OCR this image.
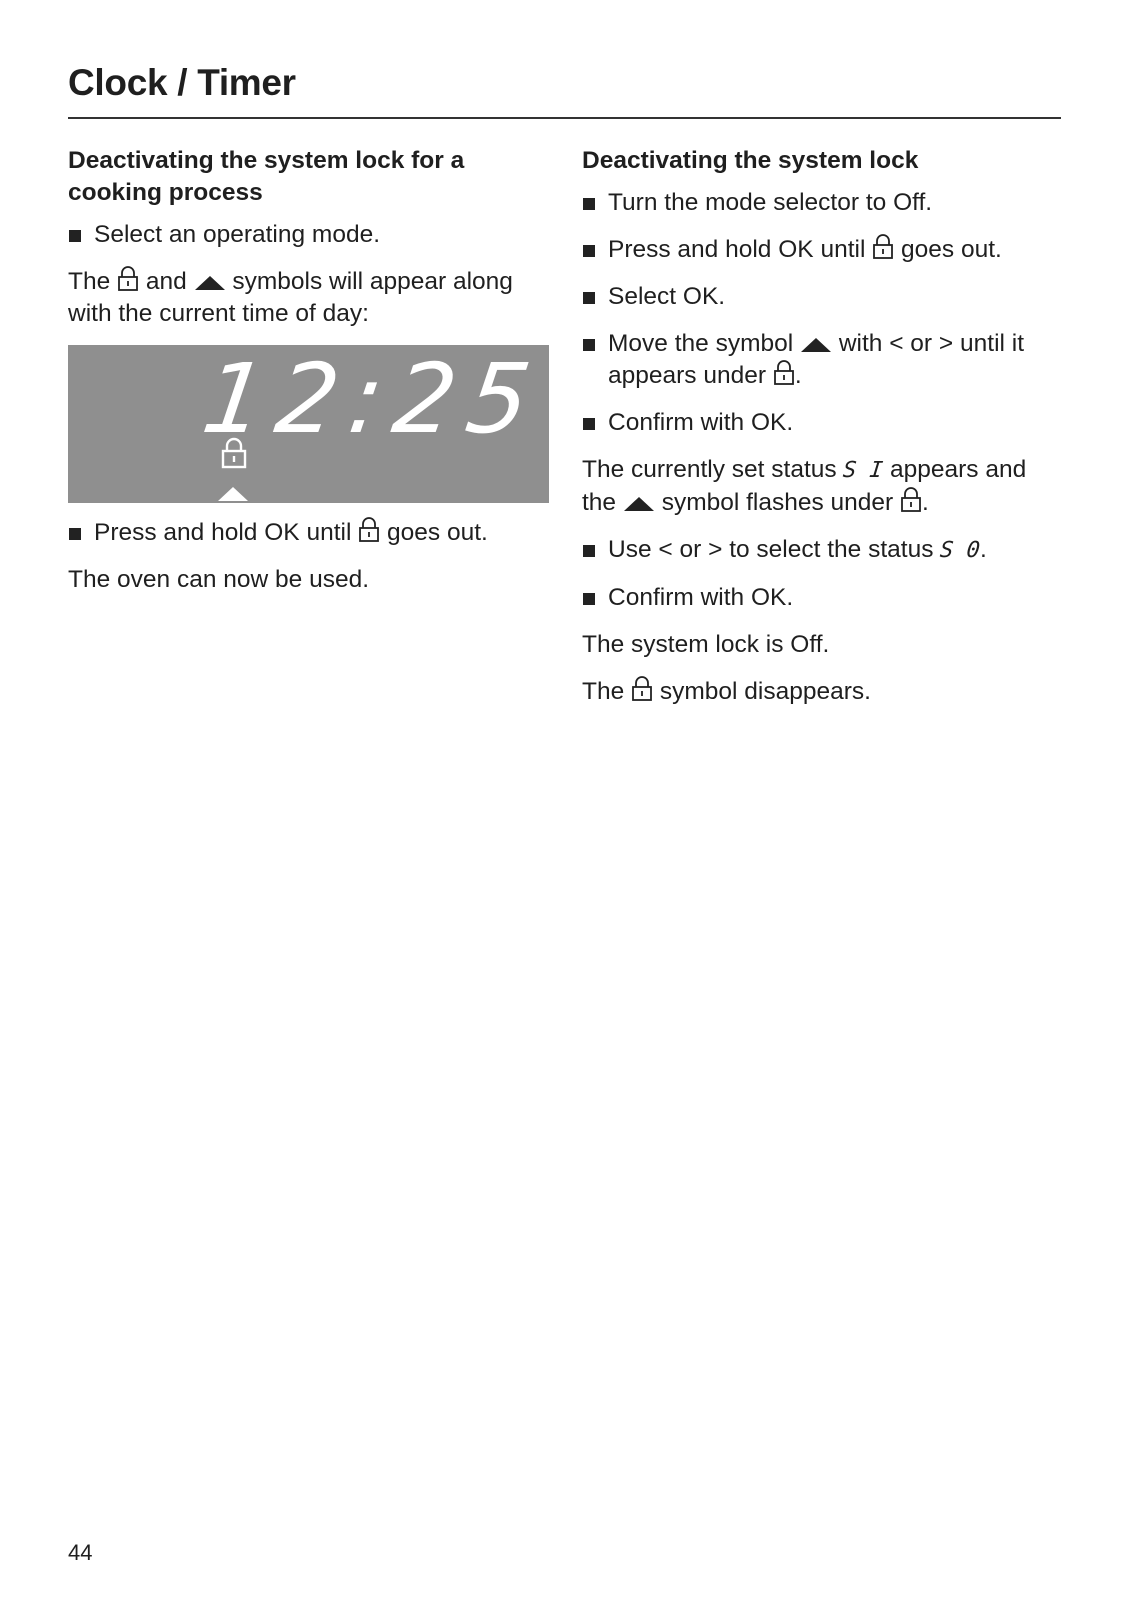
Clock / Timer
Deactivating the system lock for a cooking process
Select an operating mode.

The and symbols will appear along with the current time of day:

12:25
Press and hold OK until goes out.

The oven can now be used.

Deactivating the system lock
Turn the mode selector to Off.
Press and hold OK until goes out.
Select OK.
Move the symbol with < or > until it appears under .
Confirm with OK.

The currently set status S I appears and the symbol flashes under .

Use < or > to select the status S 0.
Confirm with OK.

The system lock is Off.

The symbol disappears.

44
